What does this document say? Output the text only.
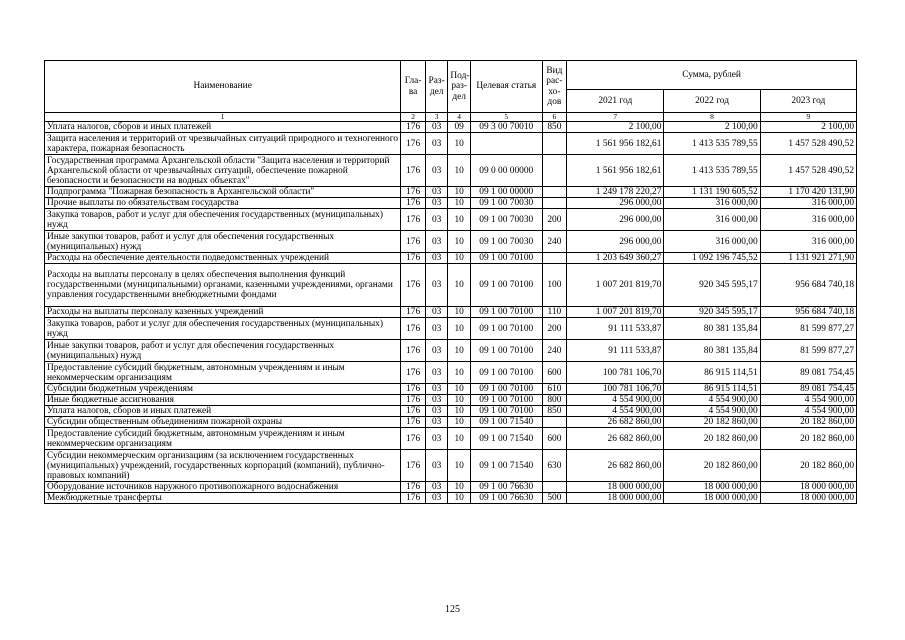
Наименование	Гла-ва	Раз-дел	Под-раз-дел	Целевая статья	Вид рас-хо-дов	Сумма, рублей		
						2021 год	2022 год	2023 год
1	2	3	4	5	6	7	8	9
Уплата налогов, сборов и иных платежей	176	03	09	09 3 00 70010	850	2 100,00	2 100,00	2 100,00
Защита населения и территорий от чрезвычайных ситуаций природного и техногенного характера, пожарная безопасность	176	03	10			1 561 956 182,61	1 413 535 789,55	1 457 528 490,52
Государственная программа Архангельской области "Защита населения и территорий Архангельской области от чрезвычайных ситуаций, обеспечение пожарной безопасности и безопасности на водных объектах"	176	03	10	09 0 00 00000		1 561 956 182,61	1 413 535 789,55	1 457 528 490,52
Подпрограмма "Пожарная безопасность в Архангельской области"	176	03	10	09 1 00 00000		1 249 178 220,27	1 131 190 605,52	1 170 420 131,90
Прочие выплаты по обязательствам государства	176	03	10	09 1 00 70030		296 000,00	316 000,00	316 000,00
Закупка товаров, работ и услуг для обеспечения государственных (муниципальных) нужд	176	03	10	09 1 00 70030	200	296 000,00	316 000,00	316 000,00
Иные закупки товаров, работ и услуг для обеспечения государственных (муниципальных) нужд	176	03	10	09 1 00 70030	240	296 000,00	316 000,00	316 000,00
Расходы на обеспечение деятельности подведомственных учреждений	176	03	10	09 1 00 70100		1 203 649 360,27	1 092 196 745,52	1 131 921 271,90
Расходы на выплаты персоналу в целях обеспечения выполнения функций государственными (муниципальными) органами, казенными учреждениями, органами управления государственными внебюджетными фондами	176	03	10	09 1 00 70100	100	1 007 201 819,70	920 345 595,17	956 684 740,18
Расходы на выплаты персоналу казенных учреждений	176	03	10	09 1 00 70100	110	1 007 201 819,70	920 345 595,17	956 684 740,18
Закупка товаров, работ и услуг для обеспечения государственных (муниципальных) нужд	176	03	10	09 1 00 70100	200	91 111 533,87	80 381 135,84	81 599 877,27
Иные закупки товаров, работ и услуг для обеспечения государственных (муниципальных) нужд	176	03	10	09 1 00 70100	240	91 111 533,87	80 381 135,84	81 599 877,27
Предоставление субсидий бюджетным, автономным учреждениям и иным некоммерческим организациям	176	03	10	09 1 00 70100	600	100 781 106,70	86 915 114,51	89 081 754,45
Субсидии бюджетным учреждениям	176	03	10	09 1 00 70100	610	100 781 106,70	86 915 114,51	89 081 754,45
Иные бюджетные ассигнования	176	03	10	09 1 00 70100	800	4 554 900,00	4 554 900,00	4 554 900,00
Уплата налогов, сборов и иных платежей	176	03	10	09 1 00 70100	850	4 554 900,00	4 554 900,00	4 554 900,00
Субсидии общественным объединениям пожарной охраны	176	03	10	09 1 00 71540		26 682 860,00	20 182 860,00	20 182 860,00
Предоставление субсидий бюджетным, автономным учреждениям и иным некоммерческим организациям	176	03	10	09 1 00 71540	600	26 682 860,00	20 182 860,00	20 182 860,00
Субсидии некоммерческим организациям (за исключением государственных (муниципальных) учреждений, государственных корпораций (компаний), публично-правовых компаний)	176	03	10	09 1 00 71540	630	26 682 860,00	20 182 860,00	20 182 860,00
Оборудование источников наружного противопожарного водоснабжения	176	03	10	09 1 00 76630		18 000 000,00	18 000 000,00	18 000 000,00
Межбюджетные трансферты	176	03	10	09 1 00 76630	500	18 000 000,00	18 000 000,00	18 000 000,00
125
